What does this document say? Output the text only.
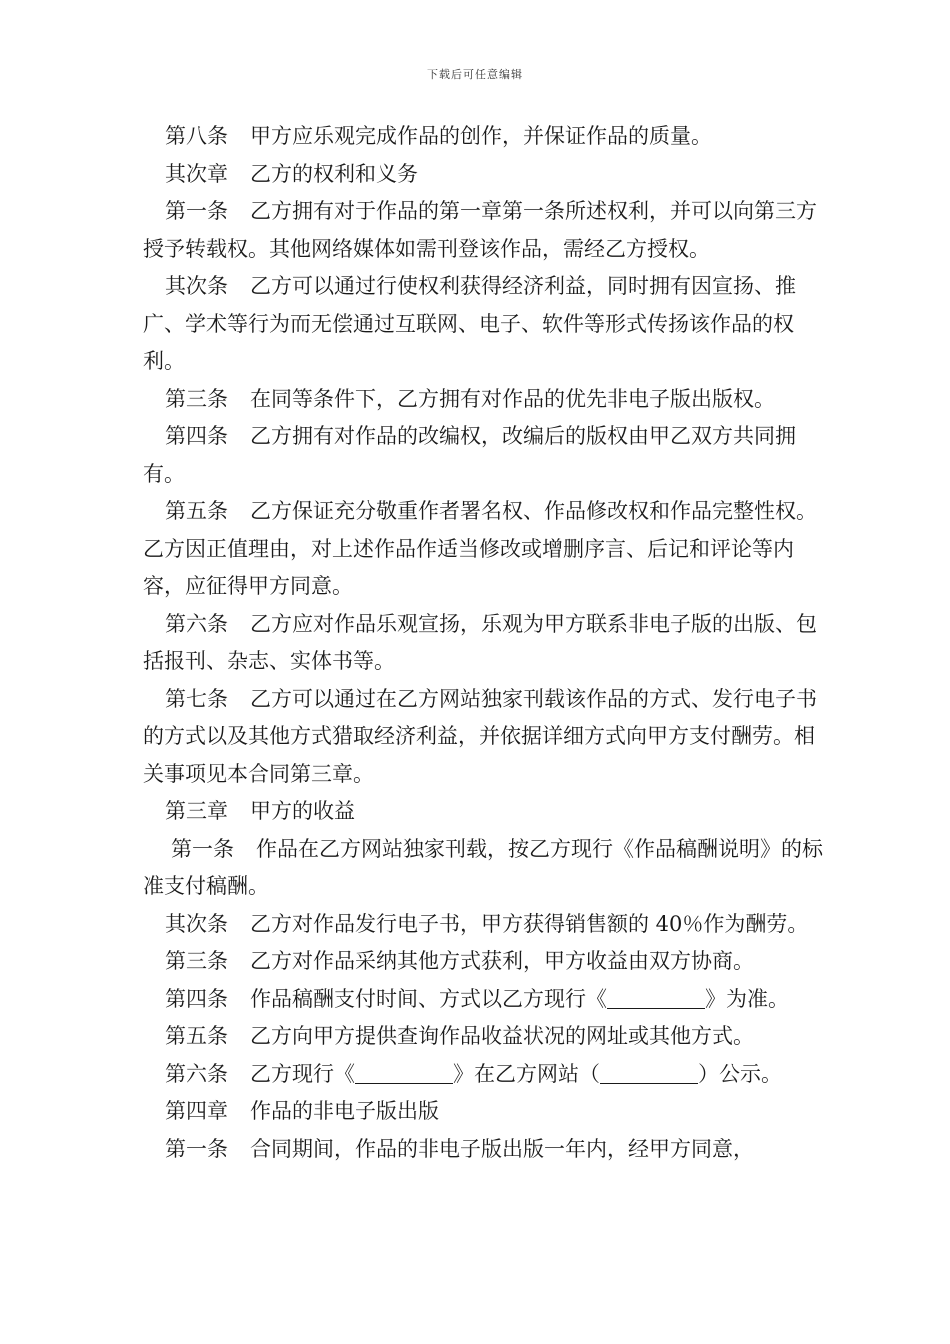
下载后可任意编辑

第八条 甲方应乐观完成作品的创作，并保证作品的质量。

其次章 乙方的权利和义务

第一条 乙方拥有对于作品的第一章第一条所述权利，并可以向第三方授予转载权。其他网络媒体如需刊登该作品，需经乙方授权。

其次条 乙方可以通过行使权利获得经济利益，同时拥有因宣扬、推广、学术等行为而无偿通过互联网、电子、软件等形式传扬该作品的权利。

第三条 在同等条件下，乙方拥有对作品的优先非电子版出版权。

第四条 乙方拥有对作品的改编权，改编后的版权由甲乙双方共同拥有。

第五条 乙方保证充分敬重作者署名权、作品修改权和作品完整性权。乙方因正值理由，对上述作品作适当修改或增删序言、后记和评论等内容，应征得甲方同意。

第六条 乙方应对作品乐观宣扬，乐观为甲方联系非电子版的出版、包括报刊、杂志、实体书等。

第七条 乙方可以通过在乙方网站独家刊载该作品的方式、发行电子书的方式以及其他方式猎取经济利益，并依据详细方式向甲方支付酬劳。相关事项见本合同第三章。

第三章 甲方的收益

第一条 作品在乙方网站独家刊载，按乙方现行《作品稿酬说明》的标准支付稿酬。

其次条 乙方对作品发行电子书，甲方获得销售额的 40％作为酬劳。

第三条 乙方对作品采纳其他方式获利，甲方收益由双方协商。

第四条 作品稿酬支付时间、方式以乙方现行《	》为准。

第五条 乙方向甲方提供查询作品收益状况的网址或其他方式。

第六条 乙方现行《	》在乙方网站（	）公示。

第四章 作品的非电子版出版

第一条 合同期间，作品的非电子版出版一年内，经甲方同意，
